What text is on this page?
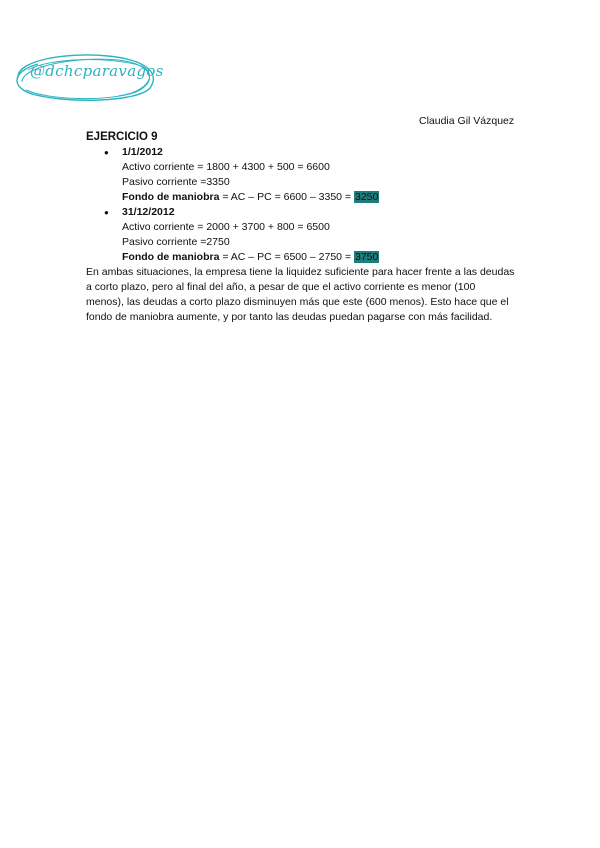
@dchcparavagos
Claudia Gil Vázquez
EJERCICIO 9
● 1/1/2012
Activo corriente = 1800 + 4300 + 500 = 6600
Pasivo corriente =3350
Fondo de maniobra = AC – PC = 6600 – 3350 = 3250
● 31/12/2012
Activo corriente = 2000 + 3700 + 800 = 6500
Pasivo corriente =2750
Fondo de maniobra = AC – PC = 6500 – 2750 = 3750
En ambas situaciones, la empresa tiene la liquidez suficiente para hacer frente a las deudas a corto plazo, pero al final del año, a pesar de que el activo corriente es menor (100 menos), las deudas a corto plazo disminuyen más que este (600 menos). Esto hace que el fondo de maniobra aumente, y por tanto las deudas puedan pagarse con más facilidad.
